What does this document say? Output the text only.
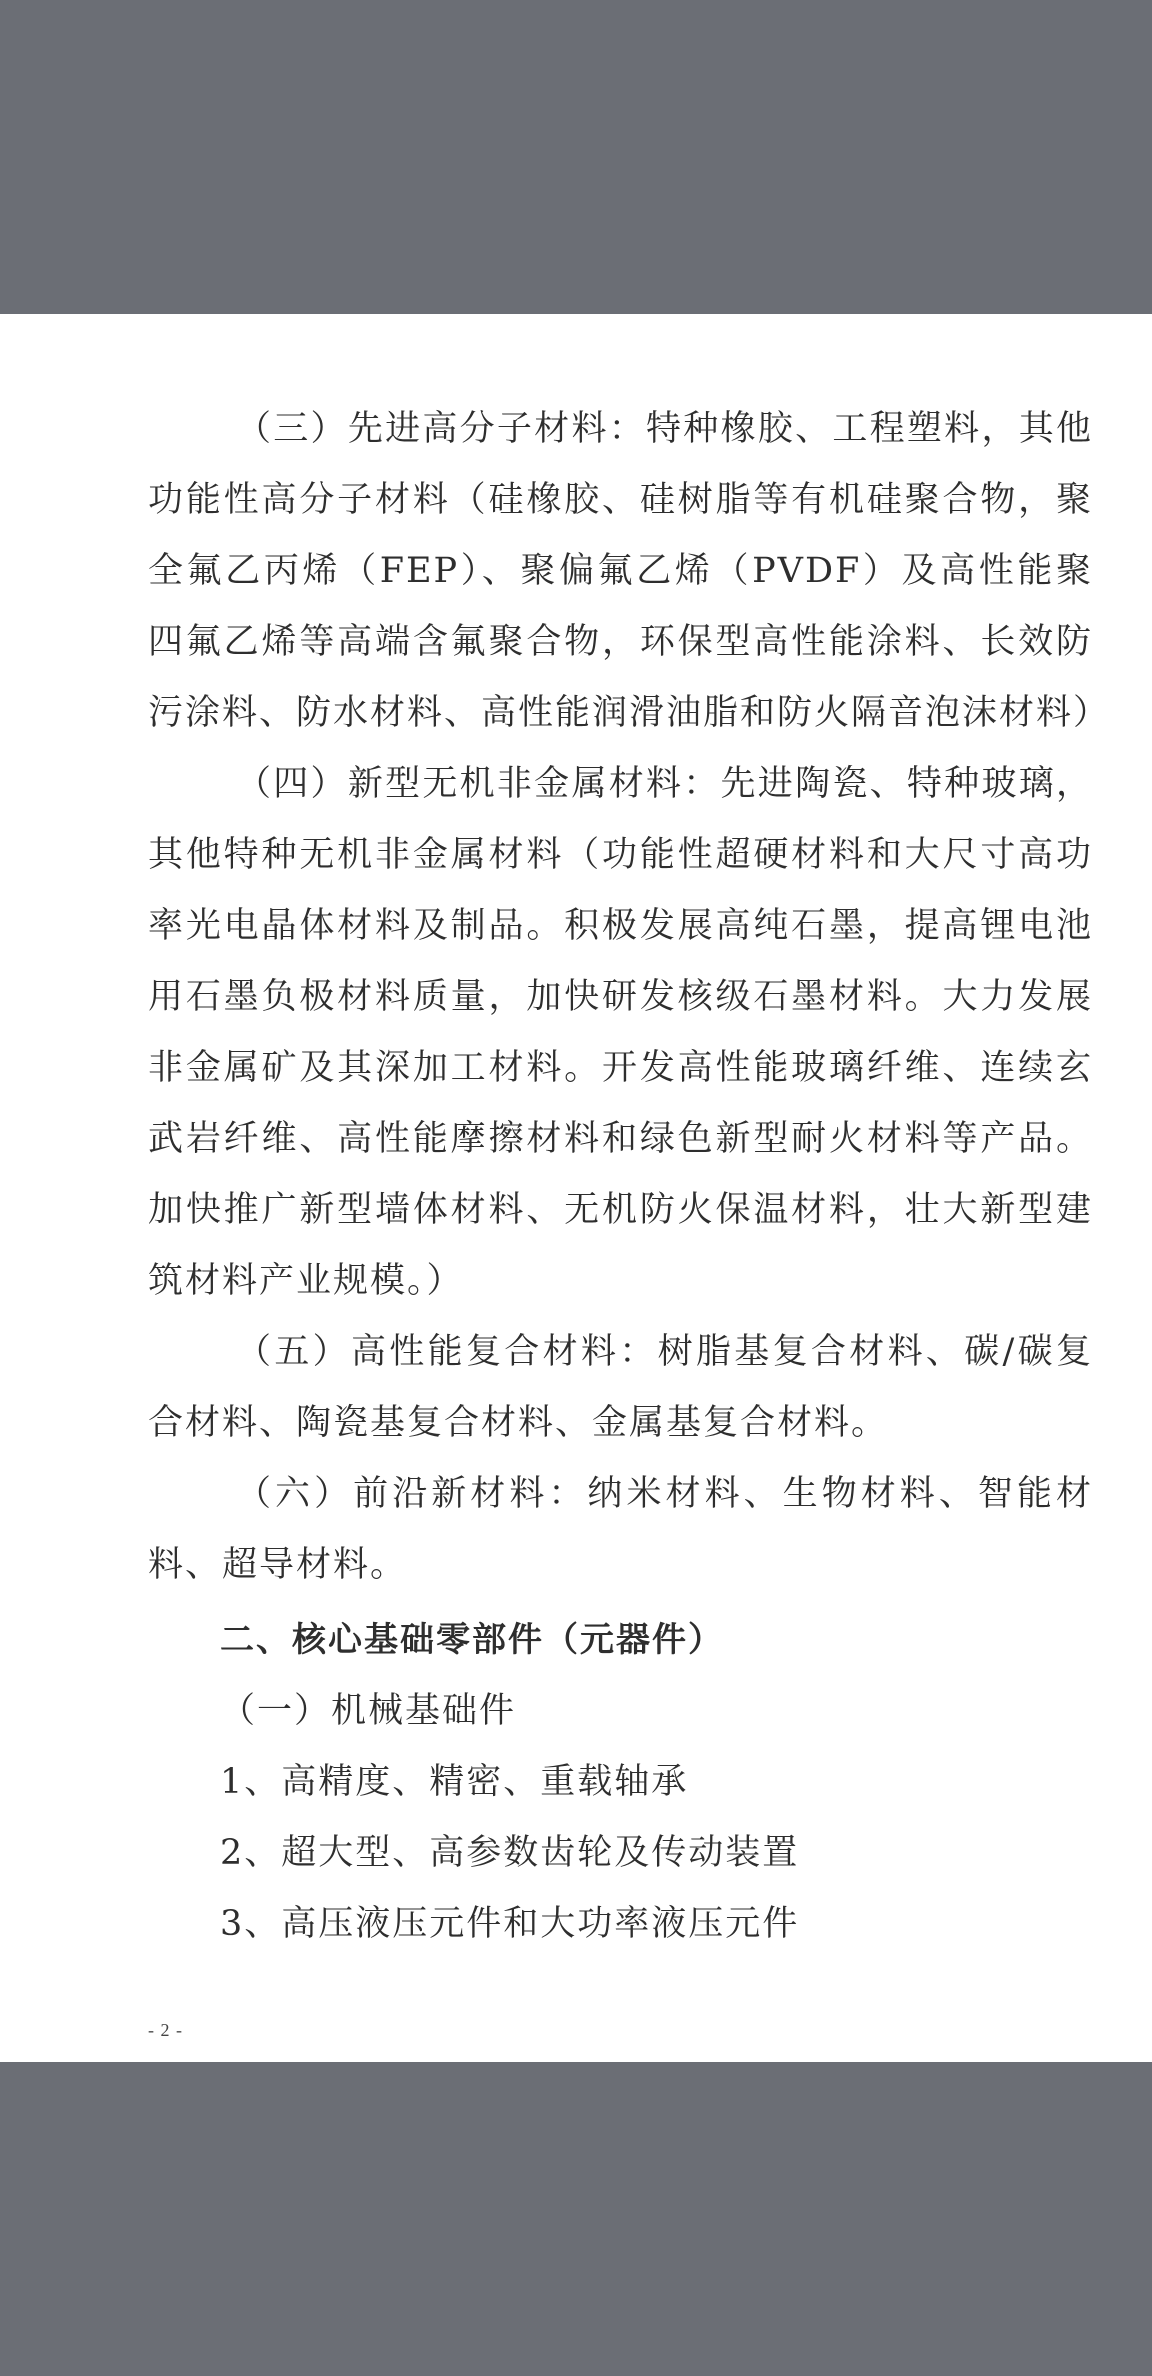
（三）先进高分子材料：特种橡胶、工程塑料，其他功能性高分子材料（硅橡胶、硅树脂等有机硅聚合物，聚全氟乙丙烯（FEP）、聚偏氟乙烯（PVDF）及高性能聚四氟乙烯等高端含氟聚合物，环保型高性能涂料、长效防污涂料、防水材料、高性能润滑油脂和防火隔音泡沫材料）

（四）新型无机非金属材料：先进陶瓷、特种玻璃，其他特种无机非金属材料（功能性超硬材料和大尺寸高功率光电晶体材料及制品。积极发展高纯石墨，提高锂电池用石墨负极材料质量，加快研发核级石墨材料。大力发展非金属矿及其深加工材料。开发高性能玻璃纤维、连续玄武岩纤维、高性能摩擦材料和绿色新型耐火材料等产品。加快推广新型墙体材料、无机防火保温材料，壮大新型建筑材料产业规模。）

（五）高性能复合材料：树脂基复合材料、碳/碳复合材料、陶瓷基复合材料、金属基复合材料。

（六）前沿新材料：纳米材料、生物材料、智能材料、超导材料。

二、核心基础零部件（元器件）

（一）机械基础件

1、高精度、精密、重载轴承

2、超大型、高参数齿轮及传动装置

3、高压液压元件和大功率液压元件

- 2 -
